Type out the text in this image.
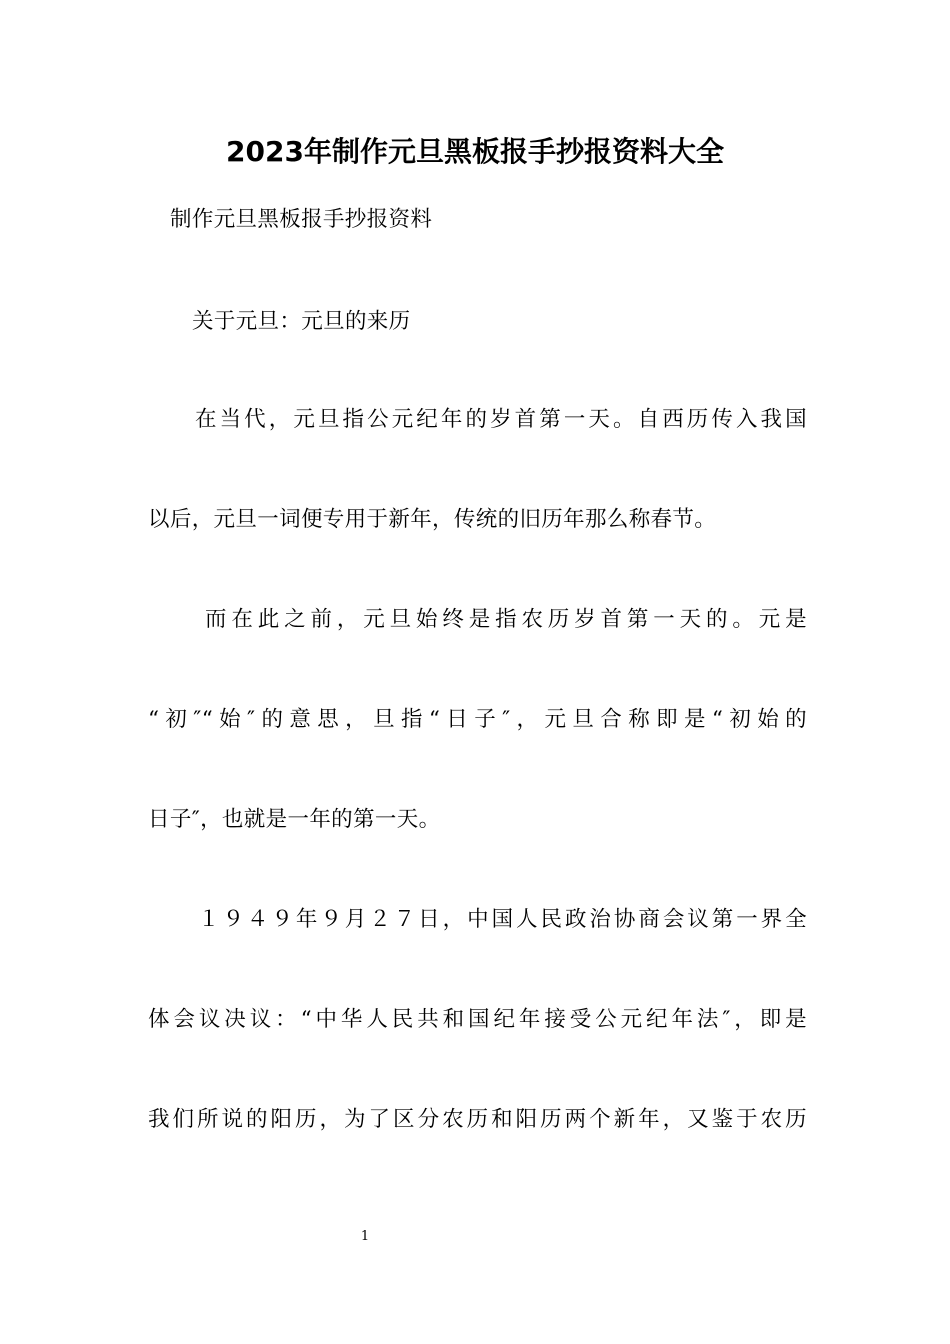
2023年制作元旦黑板报手抄报资料大全
制作元旦黑板报手抄报资料
关于元旦：元旦的来历
在当代，元旦指公元纪年的岁首第一天。自西历传入我国
以后，元旦一词便专用于新年，传统的旧历年那么称春节。
而在此之前，元旦始终是指农历岁首第一天的。元是
“初″“始″的意思，旦指“日子″，元旦合称即是“初始的
日子″，也就是一年的第一天。
１９４９年９月２７日，中国人民政治协商会议第一界全
体会议决议：“中华人民共和国纪年接受公元纪年法″，即是
我们所说的阳历，为了区分农历和阳历两个新年，又鉴于农历
1
